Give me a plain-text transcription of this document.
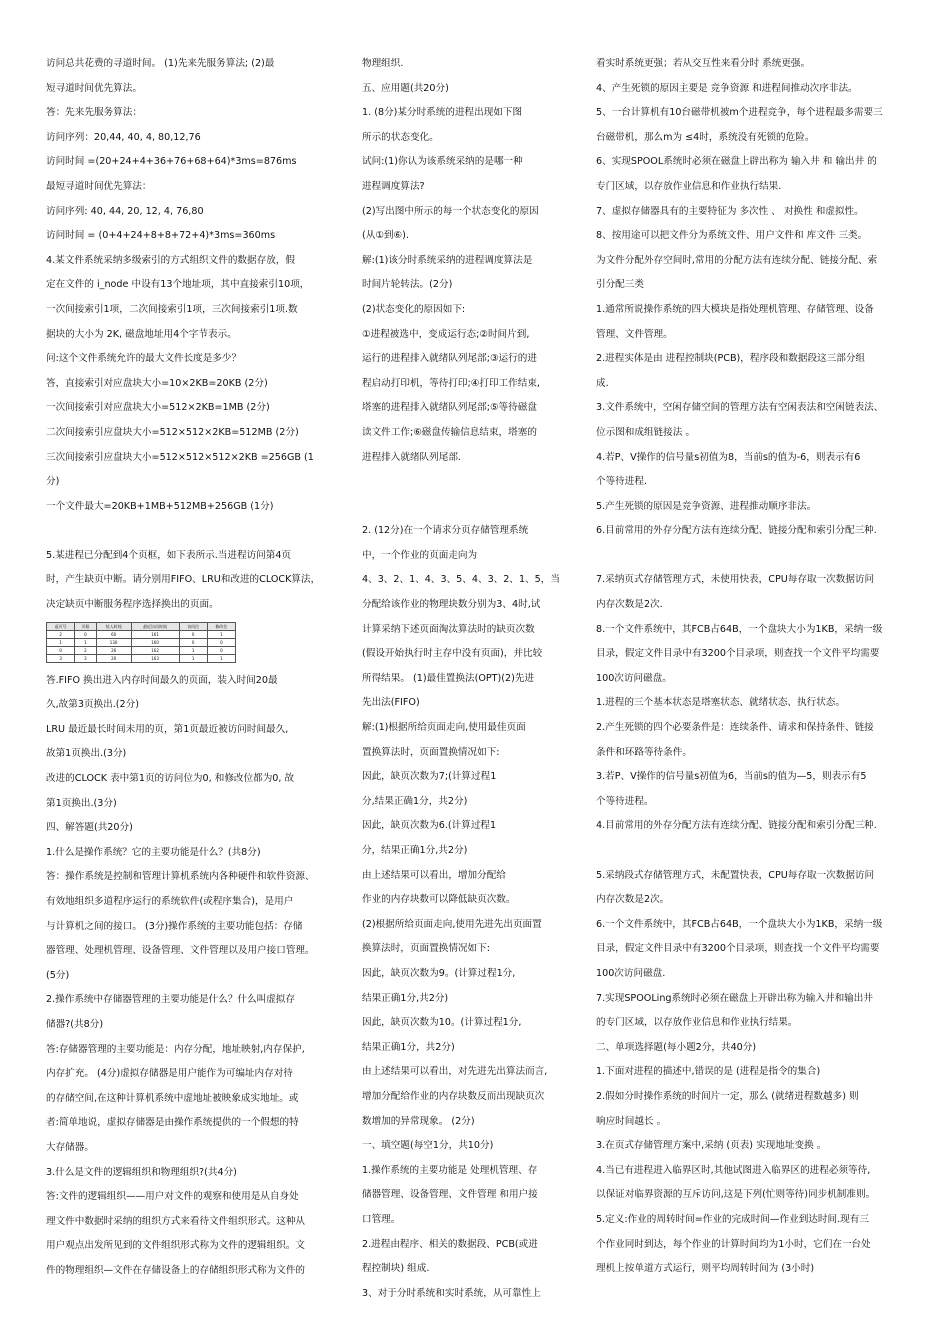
访问总共花费的寻道时间。 (1)先来先服务算法; (2)最

短寻道时间优先算法。

答：先来先服务算法：

访问序列：20,44, 40, 4, 80,12,76

访问时间 =(20+24+4+36+76+68+64)*3ms=876ms

最短寻道时间优先算法：

访问序列: 40, 44, 20, 12, 4, 76,80

访问时间 = (0+4+24+8+8+72+4)*3ms=360ms

4.某文件系统采纳多级索引的方式组织文件的数据存放，假

定在文件的 i_node 中设有13个地址项，其中直接索引10项，

一次间接索引1项，二次间接索引1项，三次间接索引1项.数

据块的大小为 2K, 磁盘地址用4个字节表示。

问:这个文件系统允许的最大文件长度是多少？

答，直接索引对应盘块大小=10×2KB=20KB (2分)

一次间接索引对应盘块大小=512×2KB=1MB (2分)

二次间接索引应盘块大小=512×512×2KB=512MB (2分)

三次间接索引应盘块大小=512×512×512×2KB =256GB (1

分)

一个文件最大=20KB+1MB+512MB+256GB (1分)

5.某进程已分配到4个页框，如下表所示.当进程访问第4页

时，产生缺页中断。请分别用FIFO、LRU和改进的CLOCK算法，

决定缺页中断服务程序选择换出的页面。

虚页号	页框	装入时间	最近访问时间	访问位	修改位
2	0	60	161	0	1
1	1	130	160	0	0
0	2	26	162	1	0
3	3	20	163	1	1

答.FIFO 换出进入内存时间最久的页面，装入时间20最

久,故第3页换出.(2分)

LRU 最近最长时间未用的页，第1页最近被访问时间最久,

故第1页换出.(3分)

改进的CLOCK 表中第1页的访问位为0, 和修改位都为0, 故

第1页换出.(3分)

四、解答题(共20分)

1.什么是操作系统？它的主要功能是什么？(共8分)

答：操作系统是控制和管理计算机系统内各种硬件和软件资源、

有效地组织多道程序运行的系统软件(或程序集合)，是用户

与计算机之间的接口。 (3分)操作系统的主要功能包括：存储

器管理、处理机管理、设备管理、文件管理以及用户接口管理。

(5分)

2.操作系统中存储器管理的主要功能是什么？什么叫虚拟存

储器?(共8分)

答:存储器管理的主要功能是：内存分配，地址映射,内存保护,

内存扩充。 (4分)虚拟存储器是用户能作为可编址内存对待

的存储空间,在这种计算机系统中虚地址被映象成实地址。或

者:简单地说，虚拟存储器是由操作系统提供的一个假想的特

大存储器。

3.什么是文件的逻辑组织和物理组织?(共4分)

答:文件的逻辑组织——用户对文件的观察和使用是从自身处

理文件中数据时采纳的组织方式来看待文件组织形式。这种从

用户观点出发所见到的文件组织形式称为文件的逻辑组织。文

件的物理组织—文件在存储设备上的存储组织形式称为文件的

物理组织.

五、应用题(共20分)

1. (8分)某分时系统的进程出现如下图

所示的状态变化。

试问:(1)你认为该系统采纳的是哪一种

进程调度算法?

(2)写出图中所示的每一个状态变化的原因

(从①到⑥).

解:(1)该分时系统采纳的进程调度算法是

时间片轮转法。(2分)

(2)状态变化的原因如下:

①进程被选中，变成运行态;②时间片到,

运行的进程排入就绪队列尾部;③运行的进

程启动打印机，等待打印;④打印工作结束,

塔塞的进程排入就绪队列尾部;⑤等待磁盘

读文件工作;⑥磁盘传输信息结束，塔塞的

进程排入就绪队列尾部.

2. (12分)在一个请求分页存储管理系统

中，一个作业的页面走向为

4、3、2、1、4、3、5、4、3、2、1、5，当

分配给该作业的物理块数分别为3、4时,试

计算采纳下述页面淘汰算法时的缺页次数

(假设开始执行时主存中没有页面)，并比较

所得结果。 (1)最佳置换法(OPT)(2)先进

先出法(FIFO)

解:(1)根据所给页面走向,使用最佳页面

置换算法时，页面置换情况如下:

因此，缺页次数为7;(计算过程1

分,结果正确1分，共2分)

因此，缺页次数为6.(计算过程1

分，结果正确1分,共2分)

由上述结果可以看出，增加分配给

作业的内存块数可以降低缺页次数。

(2)根据所给页面走向,使用先进先出页面置

换算法时，页面置换情况如下:

因此，缺页次数为9。(计算过程1分,

结果正确1分,共2分)

因此，缺页次数为10。(计算过程1分,

结果正确1分，共2分)

由上述结果可以看出，对先进先出算法而言,

增加分配给作业的内存块数反而出现缺页次

数增加的异常现象。 (2分)

一、填空题(每空1分，共10分)

1.操作系统的主要功能是 处理机管理、存

储器管理、设备管理、文件管理 和用户接

口管理。

2.进程由程序、相关的数据段、PCB(或进

程控制块) 组成.

3、对于分时系统和实时系统，从可靠性上

看实时系统更强；若从交互性来看分时 系统更强。

4、产生死锁的原因主要是 竞争资源 和进程间推动次序非法。

5、一台计算机有10台磁带机被m个进程竞争，每个进程最多需要三

台磁带机，那么m为 ≤4时，系统没有死锁的危险。

6、实现SPOOL系统时必须在磁盘上辟出称为 输入井 和 输出井 的

专门区域，以存放作业信息和作业执行结果.

7、虚拟存储器具有的主要特征为 多次性 、 对换性 和虚拟性。

8、按用途可以把文件分为系统文件、用户文件和 库文件 三类。

为文件分配外存空间时,常用的分配方法有连续分配、链接分配、索

引分配三类

1.通常所说操作系统的四大模块是指处理机管理、存储管理、设备

管理、文件管理。

2.进程实体是由 进程控制块(PCB)，程序段和数据段这三部分组

成.

3.文件系统中，空闲存储空间的管理方法有空闲表法和空闲链表法、

位示图和成组链接法 。

4.若P、V操作的信号量s初值为8，当前s的值为-6，则表示有6

个等待进程.

5.产生死锁的原因是竞争资源、进程推动顺序非法。

6.目前常用的外存分配方法有连续分配、链接分配和索引分配三种.

7.采纳页式存储管理方式，未使用快表，CPU每存取一次数据访问

内存次数是2次.

8.一个文件系统中，其FCB占64B，一个盘块大小为1KB，采纳一级

目录，假定文件目录中有3200个目录项，则查找一个文件平均需要

100次访问磁盘。

1.进程的三个基本状态是塔塞状态、就绪状态、执行状态。

2.产生死锁的四个必要条件是：连续条件、请求和保持条件、链接

条件和环路等待条件。

3.若P、V操作的信号量s初值为6，当前s的值为—5，则表示有5

个等待进程。

4.目前常用的外存分配方法有连续分配、链接分配和索引分配三种.

5.采纳段式存储管理方式，未配置快表，CPU每存取一次数据访问

内存次数是2次。

6.一个文件系统中，其FCB占64B，一个盘块大小为1KB，采纳一级

目录，假定文件目录中有3200个目录项，则查找一个文件平均需要

100次访问磁盘.

7.实现SPOOLing系统时必须在磁盘上开辟出称为输入井和输出井

的专门区域，以存放作业信息和作业执行结果。

二、单项选择题(每小题2分，共40分)

1.下面对进程的描述中,错误的是 (进程是指令的集合)

2.假如分时操作系统的时间片一定，那么 (就绪进程数越多) 则

响应时间越长 。

3.在页式存储管理方案中,采纳 (页表) 实现地址变换 。

4.当已有进程进入临界区时,其他试图进入临界区的进程必须等待,

以保证对临界资源的互斥访问,这是下列(忙则等待)同步机制准则。

5.定义:作业的周转时间=作业的完成时间—作业到达时间.现有三

个作业同时到达，每个作业的计算时间均为1小时，它们在一台处

理机上按单道方式运行，则平均周转时间为 (3小时)
